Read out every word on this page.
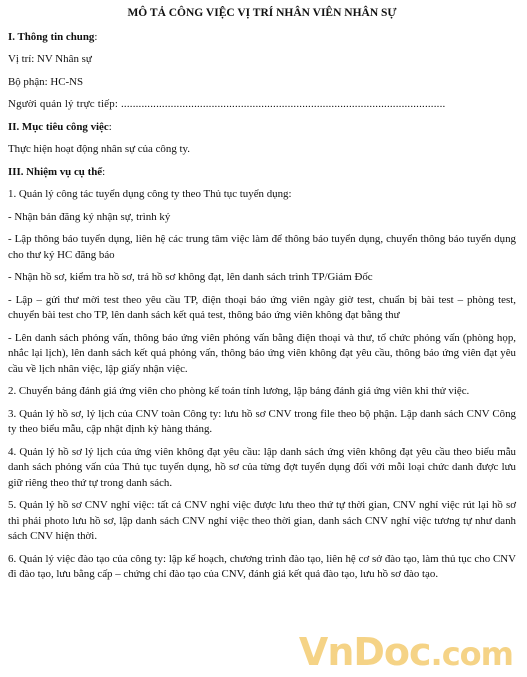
MÔ TẢ CÔNG VIỆC VỊ TRÍ NHÂN VIÊN NHÂN SỰ
I. Thông tin chung:
Vị trí: NV Nhân sự
Bộ phận: HC-NS
Người quản lý trực tiếp: ...............................................................................................................
II. Mục tiêu công việc:
Thực hiện hoạt động nhân sự của công ty.
III. Nhiệm vụ cụ thể:
1. Quản lý công tác tuyển dụng công ty theo Thủ tục tuyển dụng:
- Nhận bản đăng ký nhận sự, trình ký
- Lập thông báo tuyển dụng, liên hệ các trung tâm việc làm để thông báo tuyển dụng, chuyển thông báo tuyển dụng cho thư ký HC đăng báo
- Nhận hồ sơ, kiểm tra hồ sơ, trả hồ sơ không đạt, lên danh sách trình TP/Giám Đốc
- Lập – gửi thư mời test theo yêu cầu TP, điện thoại báo ứng viên ngày giờ test, chuẩn bị bài test – phòng test, chuyển bài test cho TP, lên danh sách kết quả test, thông báo ứng viên không đạt bằng thư
- Lên danh sách phỏng vấn, thông báo ứng viên phỏng vấn bằng điện thoại và thư, tổ chức phỏng vấn (phòng họp, nhắc lại lịch), lên danh sách kết quả phỏng vấn, thông báo ứng viên không đạt yêu cầu, thông báo ứng viên đạt yêu cầu về lịch nhân việc, lập giấy nhận việc.
2. Chuyển bảng đánh giá ứng viên cho phòng kế toán tính lương, lập bảng đánh giá ứng viên khi thử việc.
3. Quản lý hồ sơ, lý lịch của CNV toàn Công ty: lưu hồ sơ CNV trong file theo bộ phận. Lập danh sách CNV Công ty theo biểu mẫu, cập nhật định kỳ hàng tháng.
4. Quản lý hồ sơ lý lịch của ứng viên không đạt yêu cầu: lập danh sách ứng viên không đạt yêu cầu theo biểu mẫu danh sách phỏng vấn của Thủ tục tuyển dụng, hồ sơ của từng đợt tuyển dụng đối với mỗi loại chức danh được lưu giữ riêng theo thứ tự trong danh sách.
5. Quản lý hồ sơ CNV nghỉ việc: tất cả CNV nghỉ việc được lưu theo thứ tự thời gian, CNV nghỉ việc rút lại hồ sơ thì phải photo lưu hồ sơ, lập danh sách CNV nghỉ việc theo thời gian, danh sách CNV nghỉ việc tương tự như danh sách CNV hiện thời.
6. Quản lý việc đào tạo của công ty: lập kế hoạch, chương trình đào tạo, liên hệ cơ sở đào tạo, làm thủ tục cho CNV đi đào tạo, lưu bằng cấp – chứng chỉ đào tạo của CNV, đánh giá kết quả đào tạo, lưu hồ sơ đào tạo.
VnDoc.com
